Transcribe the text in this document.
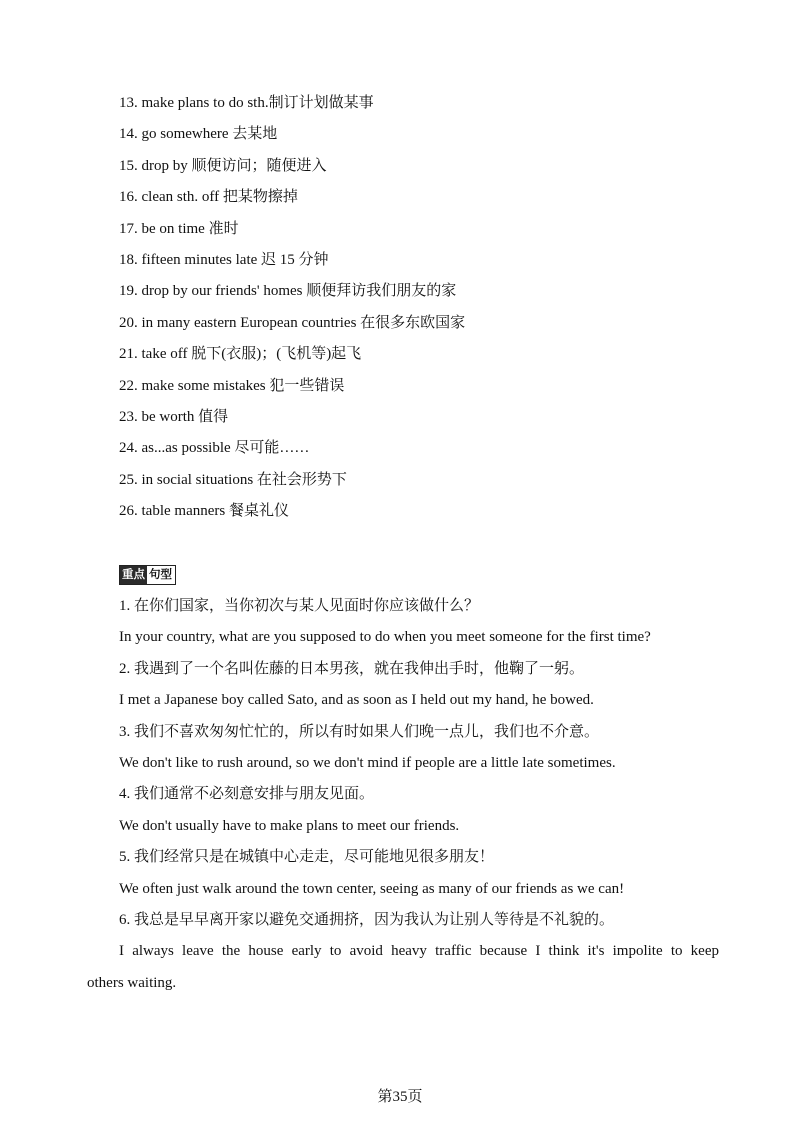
13. make plans to do sth.制订计划做某事
14. go somewhere 去某地
15. drop by 顺便访问；随便进入
16. clean sth. off 把某物擦掉
17. be on time 准时
18. fifteen minutes late 迟 15 分钟
19. drop by our friends' homes 顺便拜访我们朋友的家
20. in many eastern European countries 在很多东欧国家
21. take off 脱下(衣服)；(飞机等)起飞
22. make some mistakes 犯一些错误
23. be worth 值得
24. as...as possible 尽可能……
25. in social situations 在社会形势下
26. table manners 餐桌礼仪
重点 句型
1. 在你们国家，当你初次与某人见面时你应该做什么？
In your country, what are you supposed to do when you meet someone for the first time?
2. 我遇到了一个名叫佐藤的日本男孩，就在我伸出手时，他鞠了一躬。
I met a Japanese boy called Sato, and as soon as I held out my hand, he bowed.
3. 我们不喜欢匆匆忙忙的，所以有时如果人们晚一点儿，我们也不介意。
We don't like to rush around, so we don't mind if people are a little late sometimes.
4. 我们通常不必刻意安排与朋友见面。
We don't usually have to make plans to meet our friends.
5. 我们经常只是在城镇中心走走，尽可能地见很多朋友！
We often just walk around the town center, seeing as many of our friends as we can!
6. 我总是早早离开家以避免交通拥挤，因为我认为让别人等待是不礼貌的。
I always leave the house early to avoid heavy traffic because I think it's impolite to keep
others waiting.
第35页
